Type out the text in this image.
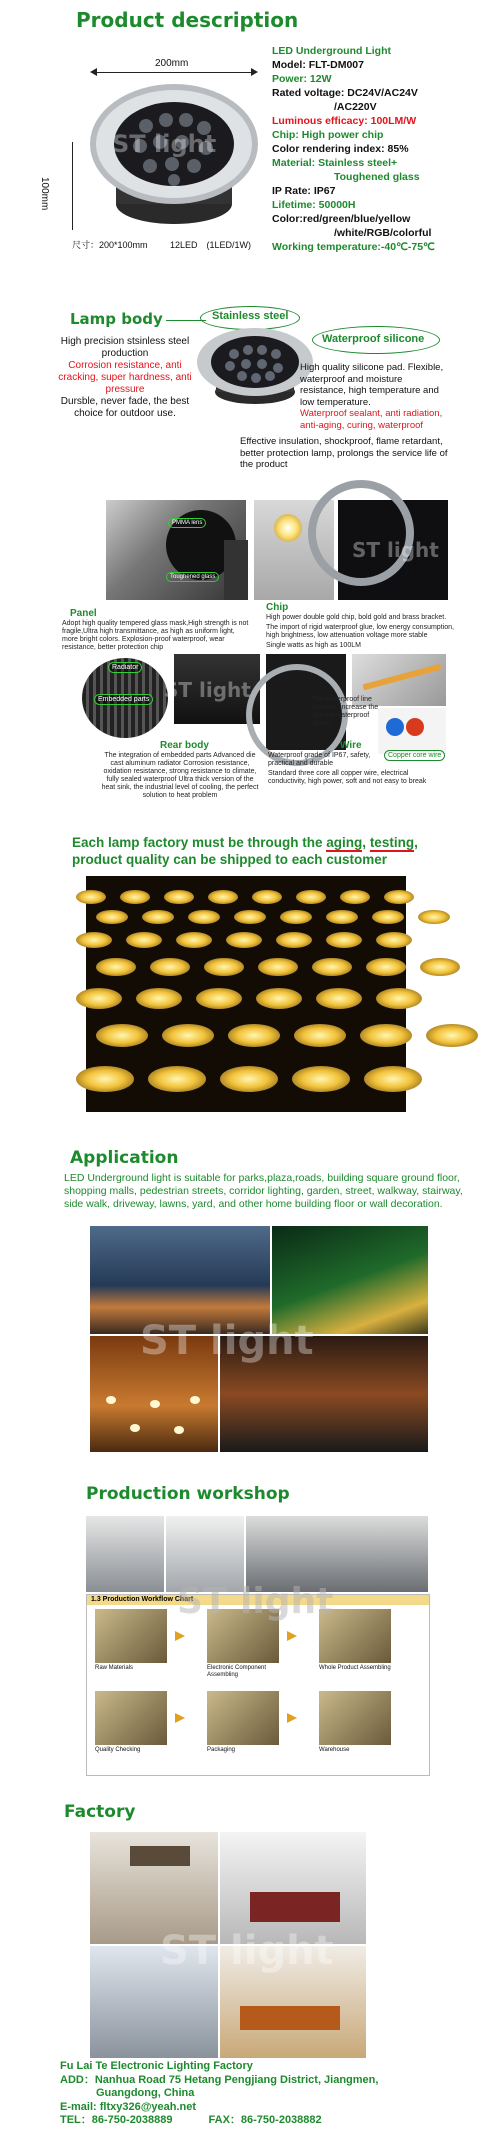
Product description
200mm
100mm
ST light
尺寸：200*100mm 12LED　(1LED/1W)
LED Underground Light
Model: FLT-DM007
Power: 12W
Rated voltage: DC24V/AC24V
/AC220V
Luminous efficacy: 100LM/W
Chip: High power chip
Color rendering index: 85%
Material: Stainless steel+
Toughened glass
IP Rate: IP67
Lifetime: 50000H
Color:red/green/blue/yellow
/white/RGB/colorful
Working temperature:-40℃-75℃
Lamp body	Stainless steel
Waterproof silicone
High precision stsinless steel production
Corrosion resistance, anti cracking, super hardness, anti pressure
Dursble, never fade, the best choice for outdoor use.
High quality silicone pad. Flexible, waterproof and moisture resistance, high temperature and low temperature.
Waterproof sealant, anti radiation, anti-aging, curing, waterproof
Effective insulation, shockproof, flame retardant, better protection lamp, prolongs the service life of the product
PMMA lens
Toughened glass
Panel
Adopt high quality tempered glass mask,High strength is not fragile,Ultra high transmittance, as high as uniform light, more bright colors. Explosion-proof waterproof, wear resistance, better protection chip
ST light
Chip
High power double gold chip, bold gold and brass bracket.
The import of rigid waterproof glue, low energy consumption, high brightness, low attenuation voltage more stable
Single watts as high as 100LM
Radiator
Embedded parts ST light
Rear body
The integration of embedded parts Advanced die cast aluminum radiator Corrosion resistance, oxidation resistance, strong resistance to climate, fully sealed waterproof Ultra thick version of the heat sink, the industrial level of cooling, the perfect solution to heat problem
The waterproof line junction, increase the special-waterproof apron
Copper core wire
Wire
Waterproof grade of IP67, safety, practical and durable
Standard three core all copper wire, electrical conductivity, high power, soft and not easy to break
Each lamp factory must be through the aging, testing,
product quality can be shipped to each customer
Application
LED Underground light is suitable for parks,plaza,roads, building square ground floor, shopping malls, pedestrian streets, corridor lighting, garden, street, walkway, stairway, side walk, driveway, lawns, yard, and other home building floor or wall decoration.
ST light
Production workshop
1.3 Production Workflow Chart
Raw Materials	Electronic Component Assembling
Whole Product Assembling
Quality Checking	Packaging	Warehouse
ST light
Factory
ST light
Fu Lai Te Electronic Lighting Factory
ADD：Nanhua Road 75 Hetang Pengjiang District, Jiangmen,
Guangdong, China
E-mail: fltxy326@yeah.net
TEL：86-750-2038889	FAX：86-750-2038882
